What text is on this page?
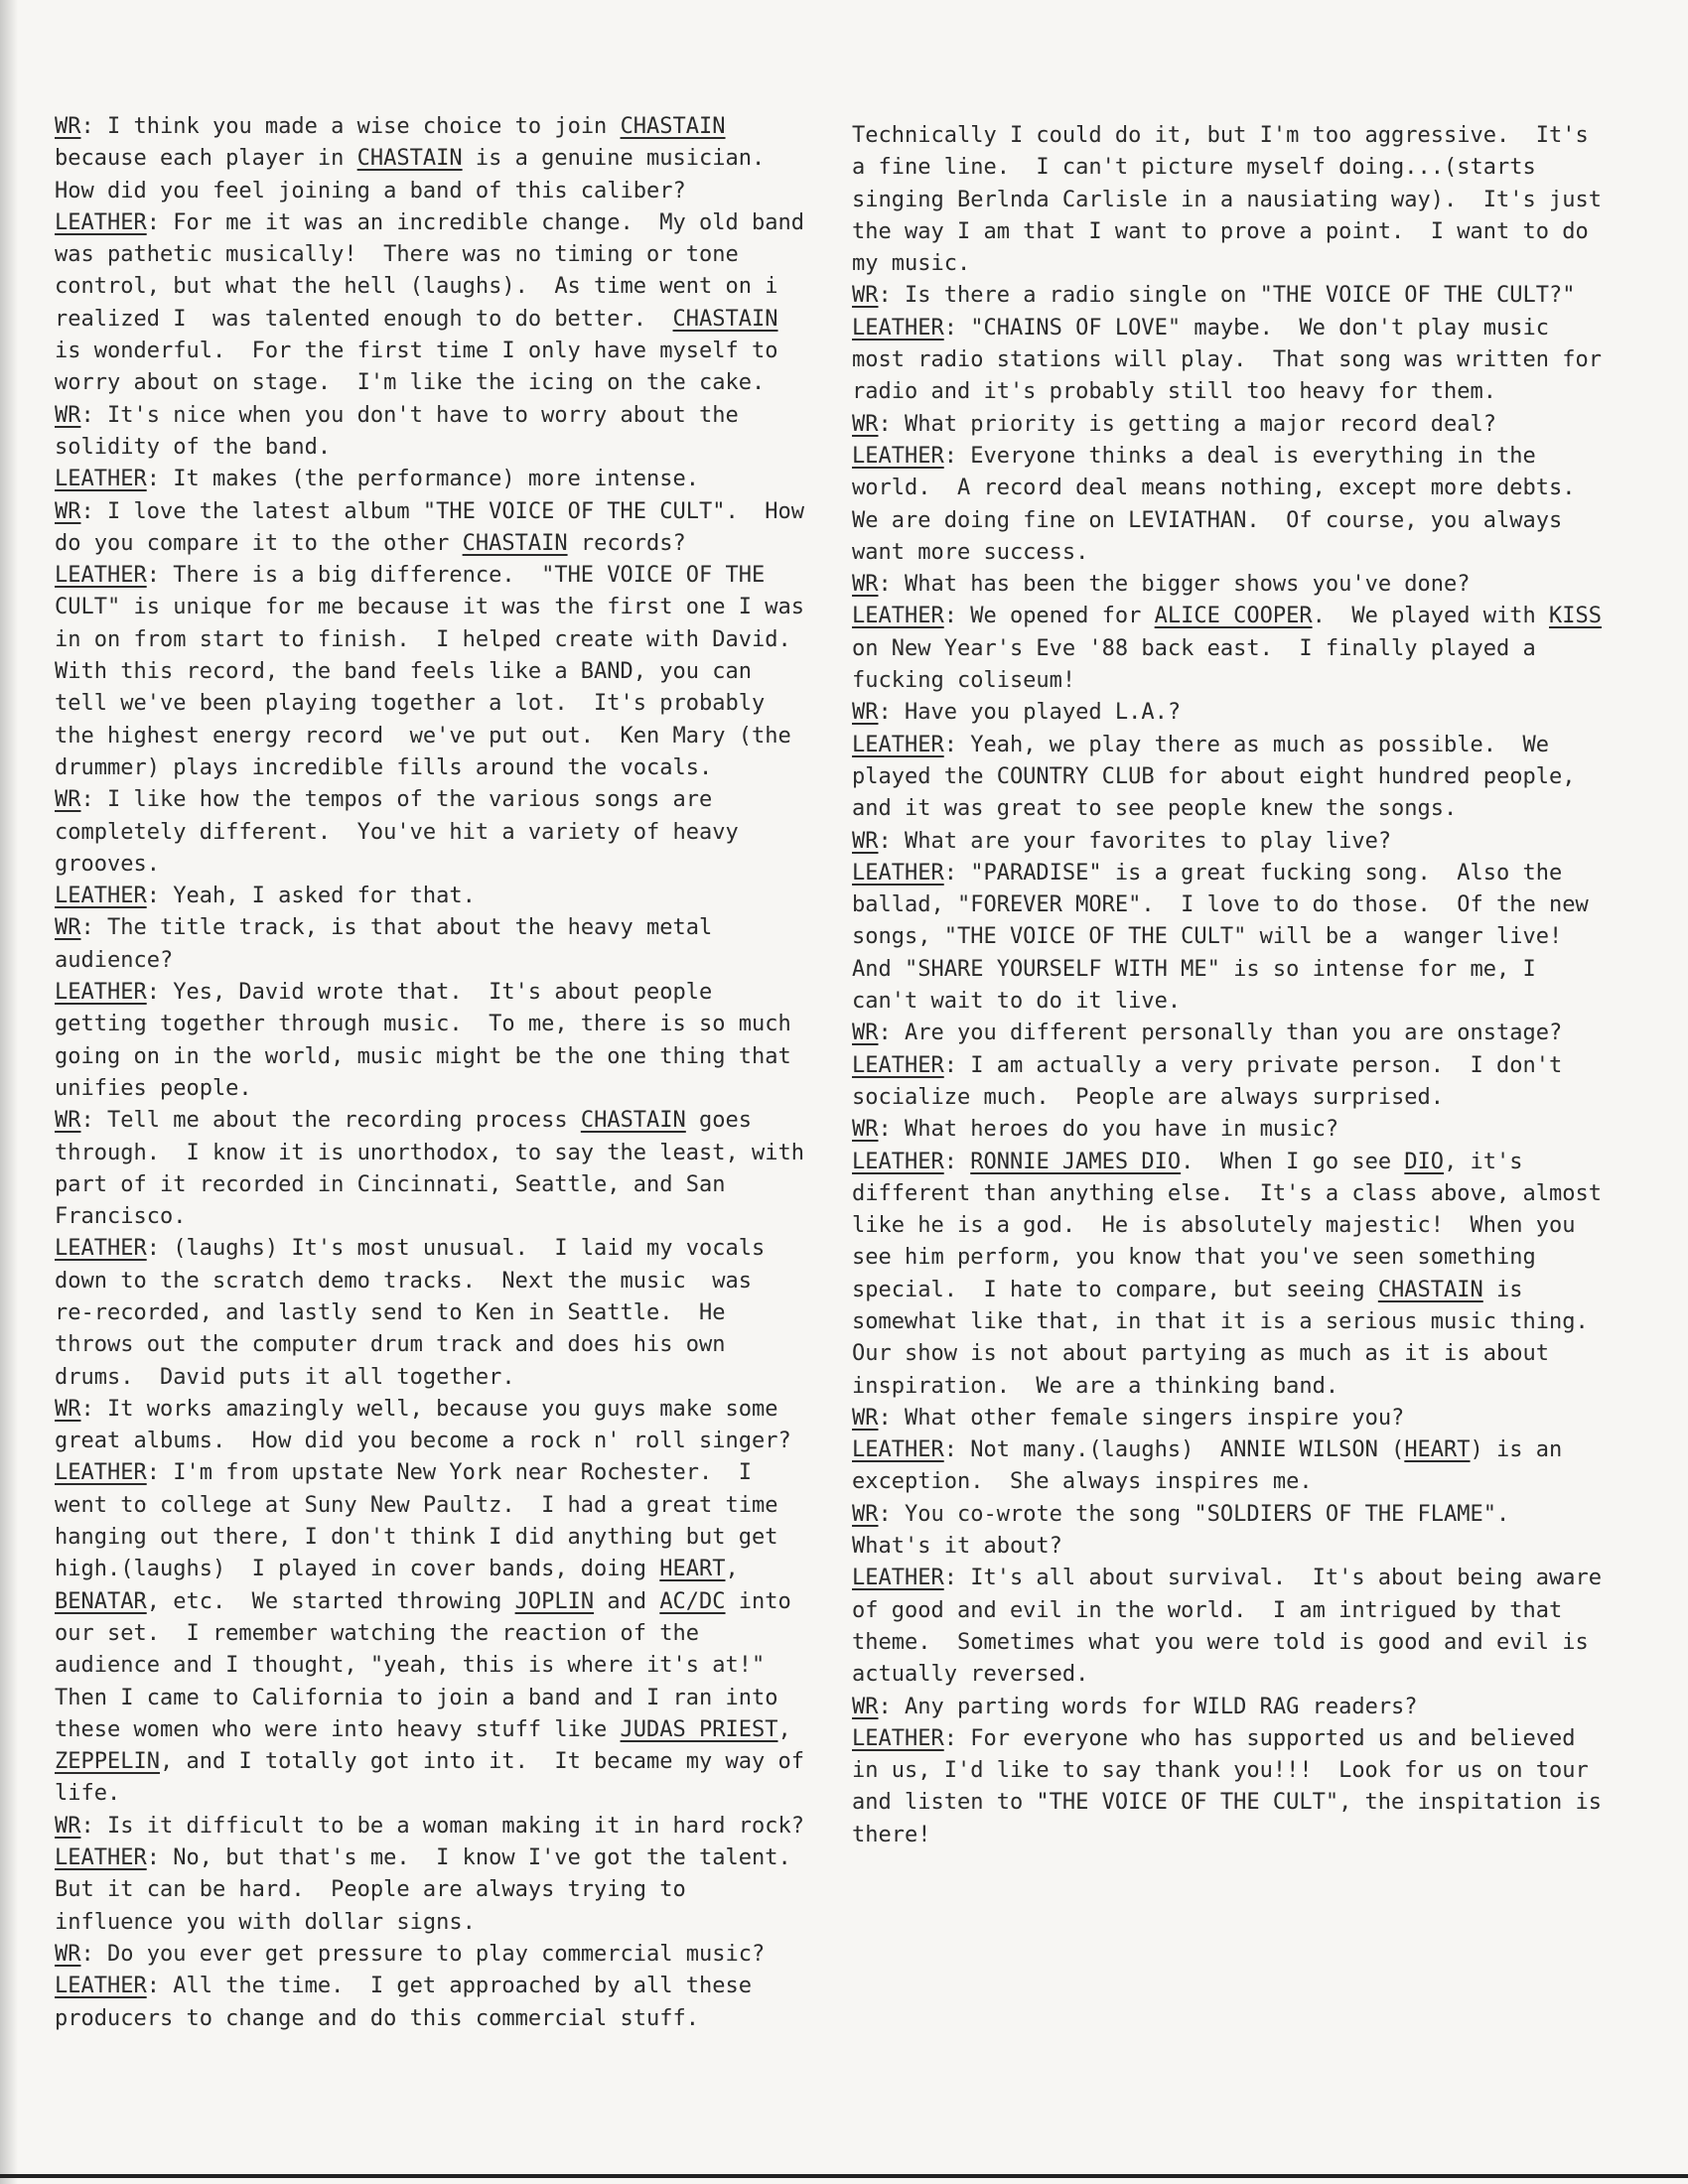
WR: I think you made a wise choice to join CHASTAIN
because each player in CHASTAIN is a genuine musician.
How did you feel joining a band of this caliber?

LEATHER: For me it was an incredible change.  My old band
was pathetic musically!  There was no timing or tone
control, but what the hell (laughs).  As time went on i
realized I  was talented enough to do better.  CHASTAIN
is wonderful.  For the first time I only have myself to
worry about on stage.  I'm like the icing on the cake.

WR: It's nice when you don't have to worry about the
solidity of the band.

LEATHER: It makes (the performance) more intense.

WR: I love the latest album "THE VOICE OF THE CULT".  How
do you compare it to the other CHASTAIN records?

LEATHER: There is a big difference.  "THE VOICE OF THE
CULT" is unique for me because it was the first one I was
in on from start to finish.  I helped create with David.
With this record, the band feels like a BAND, you can
tell we've been playing together a lot.  It's probably
the highest energy record  we've put out.  Ken Mary (the
drummer) plays incredible fills around the vocals.

WR: I like how the tempos of the various songs are
completely different.  You've hit a variety of heavy
grooves.

LEATHER: Yeah, I asked for that.

WR: The title track, is that about the heavy metal
audience?

LEATHER: Yes, David wrote that.  It's about people
getting together through music.  To me, there is so much
going on in the world, music might be the one thing that
unifies people.

WR: Tell me about the recording process CHASTAIN goes
through.  I know it is unorthodox, to say the least, with
part of it recorded in Cincinnati, Seattle, and San
Francisco.

LEATHER: (laughs) It's most unusual.  I laid my vocals
down to the scratch demo tracks.  Next the music  was
re-recorded, and lastly send to Ken in Seattle.  He
throws out the computer drum track and does his own
drums.  David puts it all together.

WR: It works amazingly well, because you guys make some
great albums.  How did you become a rock n' roll singer?

LEATHER: I'm from upstate New York near Rochester.  I
went to college at Suny New Paultz.  I had a great time
hanging out there, I don't think I did anything but get
high.(laughs)  I played in cover bands, doing HEART,
BENATAR, etc.  We started throwing JOPLIN and AC/DC into
our set.  I remember watching the reaction of the
audience and I thought, "yeah, this is where it's at!"
Then I came to California to join a band and I ran into
these women who were into heavy stuff like JUDAS PRIEST,
ZEPPELIN, and I totally got into it.  It became my way of
life.

WR: Is it difficult to be a woman making it in hard rock?

LEATHER: No, but that's me.  I know I've got the talent.
But it can be hard.  People are always trying to
influence you with dollar signs.

WR: Do you ever get pressure to play commercial music?

LEATHER: All the time.  I get approached by all these
producers to change and do this commercial stuff.

Technically I could do it, but I'm too aggressive.  It's
a fine line.  I can't picture myself doing...(starts
singing Berlnda Carlisle in a nausiating way).  It's just
the way I am that I want to prove a point.  I want to do
my music.

WR: Is there a radio single on "THE VOICE OF THE CULT?"

LEATHER: "CHAINS OF LOVE" maybe.  We don't play music
most radio stations will play.  That song was written for
radio and it's probably still too heavy for them.

WR: What priority is getting a major record deal?

LEATHER: Everyone thinks a deal is everything in the
world.  A record deal means nothing, except more debts.
We are doing fine on LEVIATHAN.  Of course, you always
want more success.

WR: What has been the bigger shows you've done?

LEATHER: We opened for ALICE COOPER.  We played with KISS
on New Year's Eve '88 back east.  I finally played a
fucking coliseum!

WR: Have you played L.A.?

LEATHER: Yeah, we play there as much as possible.  We
played the COUNTRY CLUB for about eight hundred people,
and it was great to see people knew the songs.

WR: What are your favorites to play live?

LEATHER: "PARADISE" is a great fucking song.  Also the
ballad, "FOREVER MORE".  I love to do those.  Of the new
songs, "THE VOICE OF THE CULT" will be a  wanger live!
And "SHARE YOURSELF WITH ME" is so intense for me, I
can't wait to do it live.

WR: Are you different personally than you are onstage?

LEATHER: I am actually a very private person.  I don't
socialize much.  People are always surprised.

WR: What heroes do you have in music?

LEATHER: RONNIE JAMES DIO.  When I go see DIO, it's
different than anything else.  It's a class above, almost
like he is a god.  He is absolutely majestic!  When you
see him perform, you know that you've seen something
special.  I hate to compare, but seeing CHASTAIN is
somewhat like that, in that it is a serious music thing.
Our show is not about partying as much as it is about
inspiration.  We are a thinking band.

WR: What other female singers inspire you?

LEATHER: Not many.(laughs)  ANNIE WILSON (HEART) is an
exception.  She always inspires me.

WR: You co-wrote the song "SOLDIERS OF THE FLAME".
What's it about?

LEATHER: It's all about survival.  It's about being aware
of good and evil in the world.  I am intrigued by that
theme.  Sometimes what you were told is good and evil is
actually reversed.

WR: Any parting words for WILD RAG readers?

LEATHER: For everyone who has supported us and believed
in us, I'd like to say thank you!!!  Look for us on tour
and listen to "THE VOICE OF THE CULT", the inspitation is
there!
